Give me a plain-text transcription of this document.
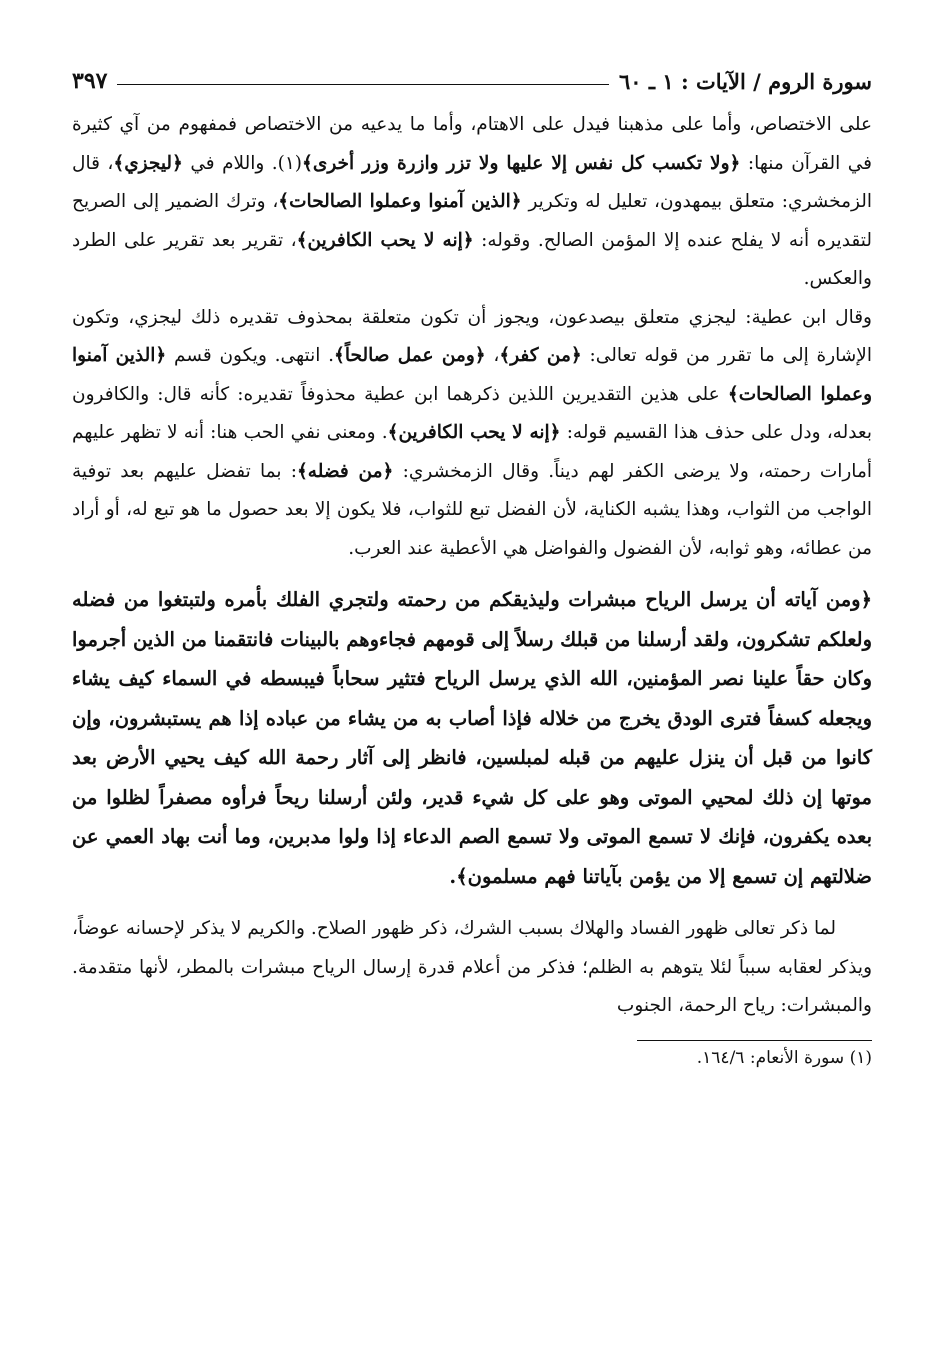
سورة الروم / الآيات : ١ ـ ٦٠
٣٩٧

على الاختصاص، وأما على مذهبنا فيدل على الاهتام، وأما ما يدعيه من الاختصاص فمفهوم من آي كثيرة في القرآن منها: ﴿ولا تكسب كل نفس إلا عليها ولا تزر وازرة وزر أخرى﴾(١). واللام في ﴿ليجزي﴾، قال الزمخشري: متعلق بيمهدون، تعليل له وتكرير ﴿الذين آمنوا وعملوا الصالحات﴾، وترك الضمير إلى الصريح لتقديره أنه لا يفلح عنده إلا المؤمن الصالح. وقوله: ﴿إنه لا يحب الكافرين﴾، تقرير بعد تقرير على الطرد والعكس.

وقال ابن عطية: ليجزي متعلق بيصدعون، ويجوز أن تكون متعلقة بمحذوف تقديره ذلك ليجزي، وتكون الإشارة إلى ما تقرر من قوله تعالى: ﴿من كفر﴾، ﴿ومن عمل صالحاً﴾. انتهى. ويكون قسم ﴿الذين آمنوا وعملوا الصالحات﴾ على هذين التقديرين اللذين ذكرهما ابن عطية محذوفاً تقديره: كأنه قال: والكافرون بعدله، ودل على حذف هذا القسيم قوله: ﴿إنه لا يحب الكافرين﴾. ومعنى نفي الحب هنا: أنه لا تظهر عليهم أمارات رحمته، ولا يرضى الكفر لهم ديناً. وقال الزمخشري: ﴿من فضله﴾: بما تفضل عليهم بعد توفية الواجب من الثواب، وهذا يشبه الكناية، لأن الفضل تبع للثواب، فلا يكون إلا بعد حصول ما هو تبع له، أو أراد من عطائه، وهو ثوابه، لأن الفضول والفواضل هي الأعطية عند العرب.

﴿ومن آياته أن يرسل الرياح مبشرات وليذيقكم من رحمته ولتجري الفلك بأمره ولتبتغوا من فضله ولعلكم تشكرون، ولقد أرسلنا من قبلك رسلاً إلى قومهم فجاءوهم بالبينات فانتقمنا من الذين أجرموا وكان حقاً علينا نصر المؤمنين، الله الذي يرسل الرياح فتثير سحاباً فيبسطه في السماء كيف يشاء ويجعله كسفاً فترى الودق يخرج من خلاله فإذا أصاب به من يشاء من عباده إذا هم يستبشرون، وإن كانوا من قبل أن ينزل عليهم من قبله لمبلسين، فانظر إلى آثار رحمة الله كيف يحيي الأرض بعد موتها إن ذلك لمحيي الموتى وهو على كل شيء قدير، ولئن أرسلنا ريحاً فرأوه مصفراً لظلوا من بعده يكفرون، فإنك لا تسمع الموتى ولا تسمع الصم الدعاء إذا ولوا مدبرين، وما أنت بهاد العمي عن ضلالتهم إن تسمع إلا من يؤمن بآياتنا فهم مسلمون﴾.

لما ذكر تعالى ظهور الفساد والهلاك بسبب الشرك، ذكر ظهور الصلاح. والكريم لا يذكر لإحسانه عوضاً، ويذكر لعقابه سبباً لئلا يتوهم به الظلم؛ فذكر من أعلام قدرة إرسال الرياح مبشرات بالمطر، لأنها متقدمة. والمبشرات: رياح الرحمة، الجنوب

(١) سورة الأنعام: ١٦٤/٦.
